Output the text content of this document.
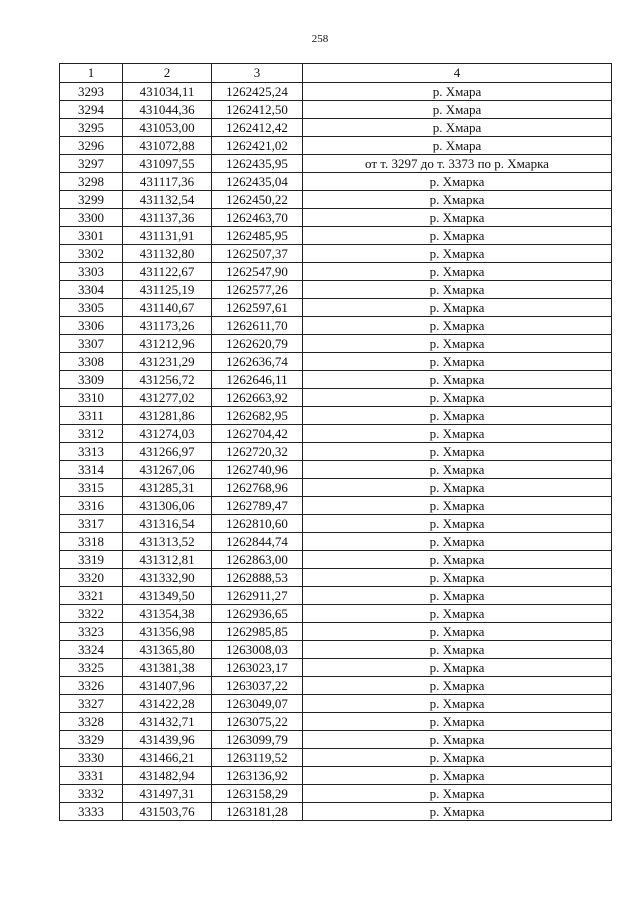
258
1	2	3	4
3293	431034,11	1262425,24	р. Хмара
3294	431044,36	1262412,50	р. Хмара
3295	431053,00	1262412,42	р. Хмара
3296	431072,88	1262421,02	р. Хмара
3297	431097,55	1262435,95	от т. 3297 до т. 3373 по р. Хмарка
3298	431117,36	1262435,04	р. Хмарка
3299	431132,54	1262450,22	р. Хмарка
3300	431137,36	1262463,70	р. Хмарка
3301	431131,91	1262485,95	р. Хмарка
3302	431132,80	1262507,37	р. Хмарка
3303	431122,67	1262547,90	р. Хмарка
3304	431125,19	1262577,26	р. Хмарка
3305	431140,67	1262597,61	р. Хмарка
3306	431173,26	1262611,70	р. Хмарка
3307	431212,96	1262620,79	р. Хмарка
3308	431231,29	1262636,74	р. Хмарка
3309	431256,72	1262646,11	р. Хмарка
3310	431277,02	1262663,92	р. Хмарка
3311	431281,86	1262682,95	р. Хмарка
3312	431274,03	1262704,42	р. Хмарка
3313	431266,97	1262720,32	р. Хмарка
3314	431267,06	1262740,96	р. Хмарка
3315	431285,31	1262768,96	р. Хмарка
3316	431306,06	1262789,47	р. Хмарка
3317	431316,54	1262810,60	р. Хмарка
3318	431313,52	1262844,74	р. Хмарка
3319	431312,81	1262863,00	р. Хмарка
3320	431332,90	1262888,53	р. Хмарка
3321	431349,50	1262911,27	р. Хмарка
3322	431354,38	1262936,65	р. Хмарка
3323	431356,98	1262985,85	р. Хмарка
3324	431365,80	1263008,03	р. Хмарка
3325	431381,38	1263023,17	р. Хмарка
3326	431407,96	1263037,22	р. Хмарка
3327	431422,28	1263049,07	р. Хмарка
3328	431432,71	1263075,22	р. Хмарка
3329	431439,96	1263099,79	р. Хмарка
3330	431466,21	1263119,52	р. Хмарка
3331	431482,94	1263136,92	р. Хмарка
3332	431497,31	1263158,29	р. Хмарка
3333	431503,76	1263181,28	р. Хмарка
